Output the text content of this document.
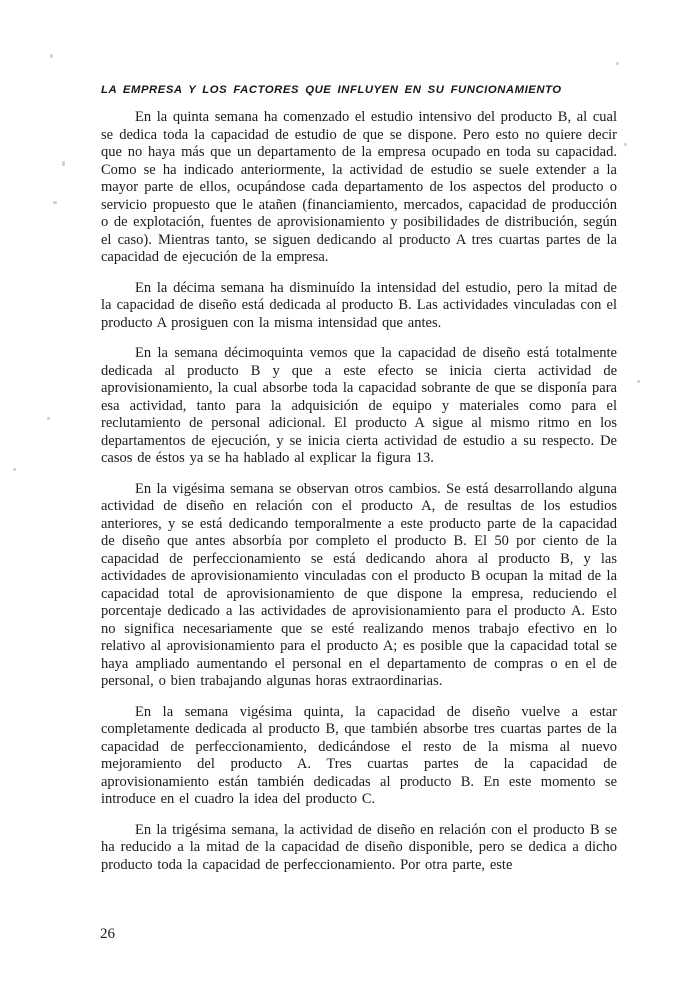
LA EMPRESA Y LOS FACTORES QUE INFLUYEN EN SU FUNCIONAMIENTO

En la quinta semana ha comenzado el estudio intensivo del producto B, al cual se dedica toda la capacidad de estudio de que se dispone. Pero esto no quiere decir que no haya más que un departamento de la empresa ocupado en toda su capacidad. Como se ha indicado anteriormente, la actividad de estudio se suele extender a la mayor parte de ellos, ocupándose cada departamento de los aspectos del producto o servicio propuesto que le atañen (financiamiento, mercados, capacidad de producción o de explotación, fuentes de aprovisionamiento y posibilidades de distribución, según el caso). Mientras tanto, se siguen dedicando al producto A tres cuartas partes de la capacidad de ejecución de la empresa.

En la décima semana ha disminuído la intensidad del estudio, pero la mitad de la capacidad de diseño está dedicada al producto B. Las actividades vinculadas con el producto A prosiguen con la misma intensidad que antes.

En la semana décimoquinta vemos que la capacidad de diseño está totalmente dedicada al producto B y que a este efecto se inicia cierta actividad de aprovisionamiento, la cual absorbe toda la capacidad sobrante de que se disponía para esa actividad, tanto para la adquisición de equipo y materiales como para el reclutamiento de personal adicional. El producto A sigue al mismo ritmo en los departamentos de ejecución, y se inicia cierta actividad de estudio a su respecto. De casos de éstos ya se ha hablado al explicar la figura 13.

En la vigésima semana se observan otros cambios. Se está desarrollando alguna actividad de diseño en relación con el producto A, de resultas de los estudios anteriores, y se está dedicando temporalmente a este producto parte de la capacidad de diseño que antes absorbía por completo el producto B. El 50 por ciento de la capacidad de perfeccionamiento se está dedicando ahora al producto B, y las actividades de aprovisionamiento vinculadas con el producto B ocupan la mitad de la capacidad total de aprovisionamiento de que dispone la empresa, reduciendo el porcentaje dedicado a las actividades de aprovisionamiento para el producto A. Esto no significa necesariamente que se esté realizando menos trabajo efectivo en lo relativo al aprovisionamiento para el producto A; es posible que la capacidad total se haya ampliado aumentando el personal en el departamento de compras o en el de personal, o bien trabajando algunas horas extraordinarias.

En la semana vigésima quinta, la capacidad de diseño vuelve a estar completamente dedicada al producto B, que también absorbe tres cuartas partes de la capacidad de perfeccionamiento, dedicándose el resto de la misma al nuevo mejoramiento del producto A. Tres cuartas partes de la capacidad de aprovisionamiento están también dedicadas al producto B. En este momento se introduce en el cuadro la idea del producto C.

En la trigésima semana, la actividad de diseño en relación con el producto B se ha reducido a la mitad de la capacidad de diseño disponible, pero se dedica a dicho producto toda la capacidad de perfeccionamiento. Por otra parte, este

26
